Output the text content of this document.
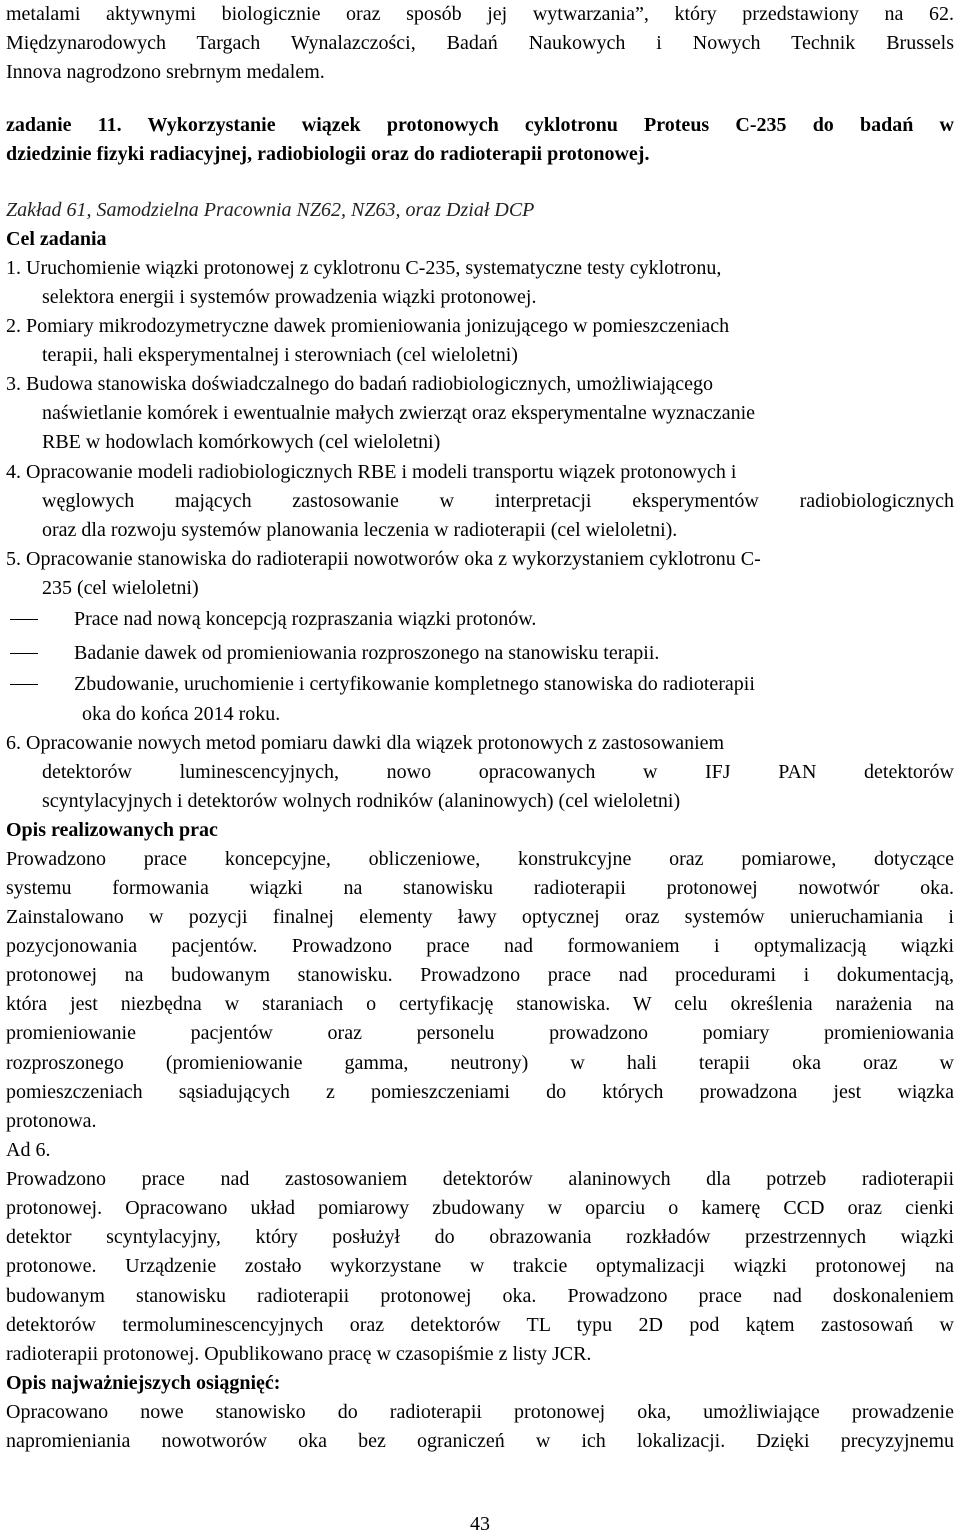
metalami aktywnymi biologicznie oraz sposób jej wytwarzania”, który przedstawiony na 62.
Międzynarodowych Targach Wynalazczości, Badań Naukowych i Nowych Technik Brussels
Innova nagrodzono srebrnym medalem.
zadanie 11. Wykorzystanie wiązek protonowych cyklotronu Proteus C-235 do badań w
dziedzinie fizyki radiacyjnej, radiobiologii oraz do radioterapii protonowej.
Zakład 61, Samodzielna Pracownia NZ62, NZ63, oraz Dział DCP
Cel zadania
1. Uruchomienie wiązki protonowej z cyklotronu C-235, systematyczne testy cyklotronu,
selektora energii i systemów prowadzenia wiązki protonowej.
2. Pomiary mikrodozymetryczne dawek promieniowania jonizującego w pomieszczeniach
terapii, hali eksperymentalnej i sterowniach (cel wieloletni)
3. Budowa stanowiska doświadczalnego do badań radiobiologicznych, umożliwiającego
naświetlanie komórek i ewentualnie małych zwierząt oraz eksperymentalne wyznaczanie
RBE w hodowlach komórkowych (cel wieloletni)
4. Opracowanie modeli radiobiologicznych RBE i modeli transportu wiązek protonowych i
węglowych mających zastosowanie w interpretacji eksperymentów radiobiologicznych
oraz dla rozwoju systemów planowania leczenia w radioterapii (cel wieloletni).
5. Opracowanie stanowiska do radioterapii nowotworów oka z wykorzystaniem cyklotronu C-
235 (cel wieloletni)
Prace nad nową koncepcją rozpraszania wiązki protonów.
Badanie dawek od promieniowania rozproszonego na stanowisku terapii.
Zbudowanie, uruchomienie i certyfikowanie kompletnego stanowiska do radioterapii
oka do końca 2014 roku.
6. Opracowanie nowych metod pomiaru dawki dla wiązek protonowych z zastosowaniem
detektorów luminescencyjnych, nowo opracowanych w IFJ PAN detektorów
scyntylacyjnych i detektorów wolnych rodników (alaninowych) (cel wieloletni)
Opis realizowanych prac
Prowadzono prace koncepcyjne, obliczeniowe, konstrukcyjne oraz pomiarowe, dotyczące
systemu formowania wiązki na stanowisku radioterapii protonowej nowotwór oka.
Zainstalowano w pozycji finalnej elementy ławy optycznej oraz systemów unieruchamiania i
pozycjonowania pacjentów. Prowadzono prace nad formowaniem i optymalizacją wiązki
protonowej na budowanym stanowisku. Prowadzono prace nad procedurami i dokumentacją,
która jest niezbędna w staraniach o certyfikację stanowiska. W celu określenia narażenia na
promieniowanie pacjentów oraz personelu prowadzono pomiary promieniowania
rozproszonego (promieniowanie gamma, neutrony) w hali terapii oka oraz w
pomieszczeniach sąsiadujących z pomieszczeniami do których prowadzona jest wiązka
protonowa.
Ad 6.
Prowadzono prace nad zastosowaniem detektorów alaninowych dla potrzeb radioterapii
protonowej. Opracowano układ pomiarowy zbudowany w oparciu o kamerę CCD oraz cienki
detektor scyntylacyjny, który posłużył do obrazowania rozkładów przestrzennych wiązki
protonowe. Urządzenie zostało wykorzystane w trakcie optymalizacji wiązki protonowej na
budowanym stanowisku radioterapii protonowej oka. Prowadzono prace nad doskonaleniem
detektorów termoluminescencyjnych oraz detektorów TL typu 2D pod kątem zastosowań w
radioterapii protonowej. Opublikowano pracę w czasopiśmie z listy JCR.
Opis najważniejszych osiągnięć:
Opracowano nowe stanowisko do radioterapii protonowej oka, umożliwiające prowadzenie
napromieniania nowotworów oka bez ograniczeń w ich lokalizacji. Dzięki precyzyjnemu
43
